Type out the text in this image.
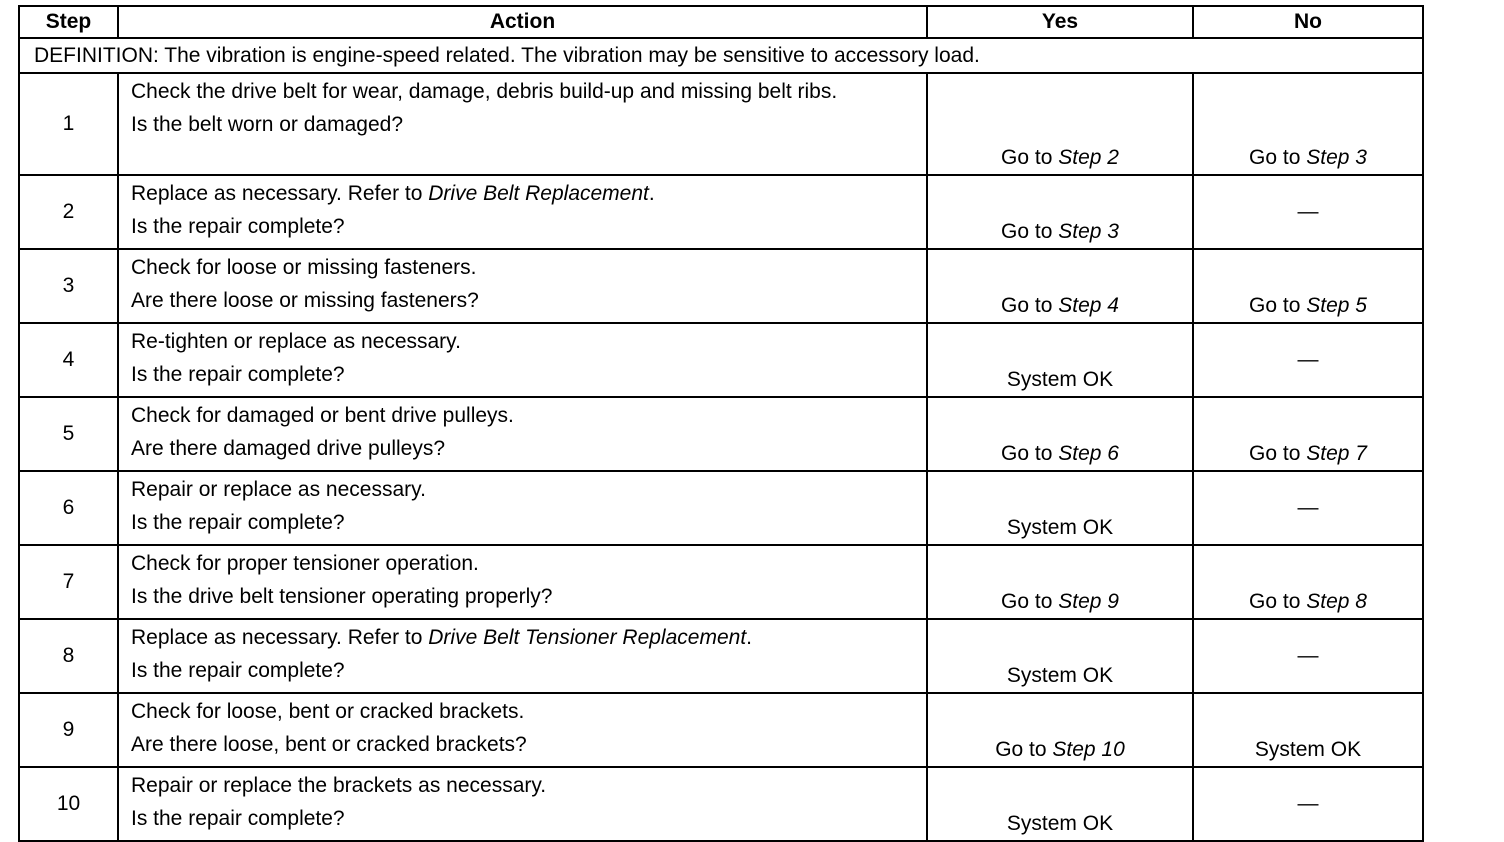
Step	Action	Yes	No
DEFINITION: The vibration is engine-speed related. The vibration may be sensitive to accessory load.			
1	Check the drive belt for wear, damage, debris build-up and missing belt ribs.
Is the belt worn or damaged?	Go to Step 2	Go to Step 3

2	Replace as necessary. Refer to Drive Belt Replacement.
Is the repair complete?	Go to Step 3	—

3	Check for loose or missing fasteners.
Are there loose or missing fasteners?	Go to Step 4	Go to Step 5

4	Re-tighten or replace as necessary.
Is the repair complete?	System OK	—

5	Check for damaged or bent drive pulleys.
Are there damaged drive pulleys?	Go to Step 6	Go to Step 7

6	Repair or replace as necessary.
Is the repair complete?	System OK	—

7	Check for proper tensioner operation.
Is the drive belt tensioner operating properly?	Go to Step 9	Go to Step 8

8	Replace as necessary. Refer to Drive Belt Tensioner Replacement.
Is the repair complete?	System OK	—

9	Check for loose, bent or cracked brackets.
Are there loose, bent or cracked brackets?	Go to Step 10	System OK

10	Repair or replace the brackets as necessary.
Is the repair complete?	System OK	—
